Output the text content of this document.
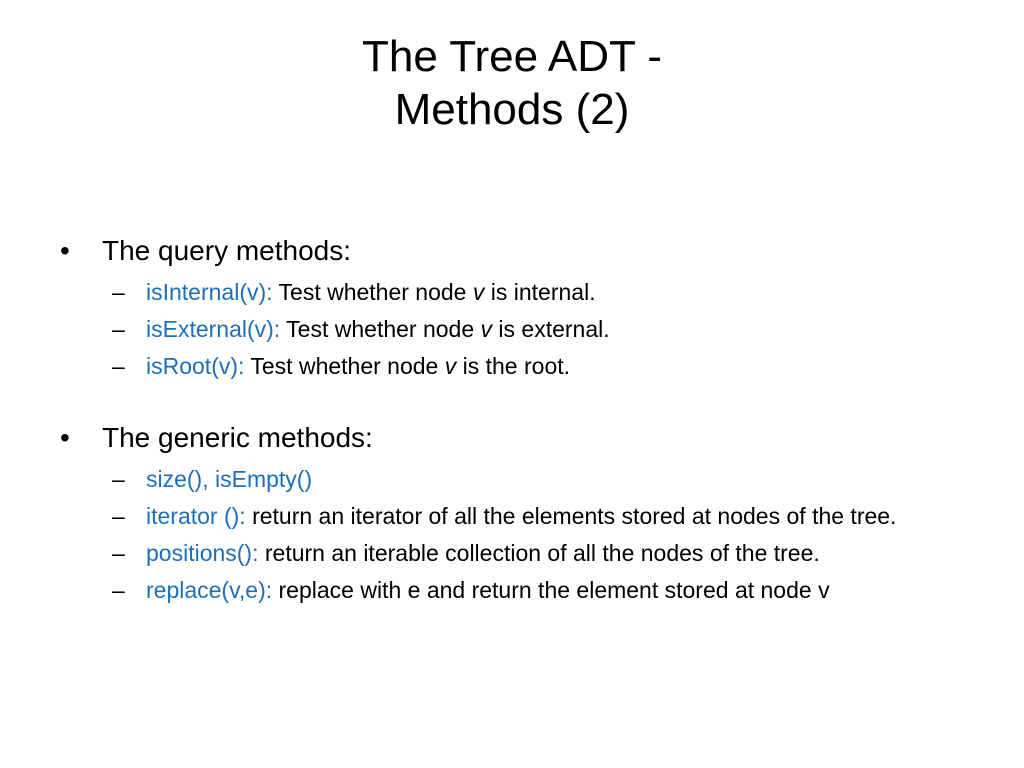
The Tree ADT -
Methods (2)
•	The query methods:
– isInternal(v): Test whether node v is internal.
– isExternal(v): Test whether node v is external.
– isRoot(v): Test whether node v is the root.
•	The generic methods:
– size(), isEmpty()
– iterator (): return an iterator of all the elements stored at nodes of the tree.
– positions(): return an iterable collection of all the nodes of the tree.
– replace(v,e): replace with e and return the element stored at node v
